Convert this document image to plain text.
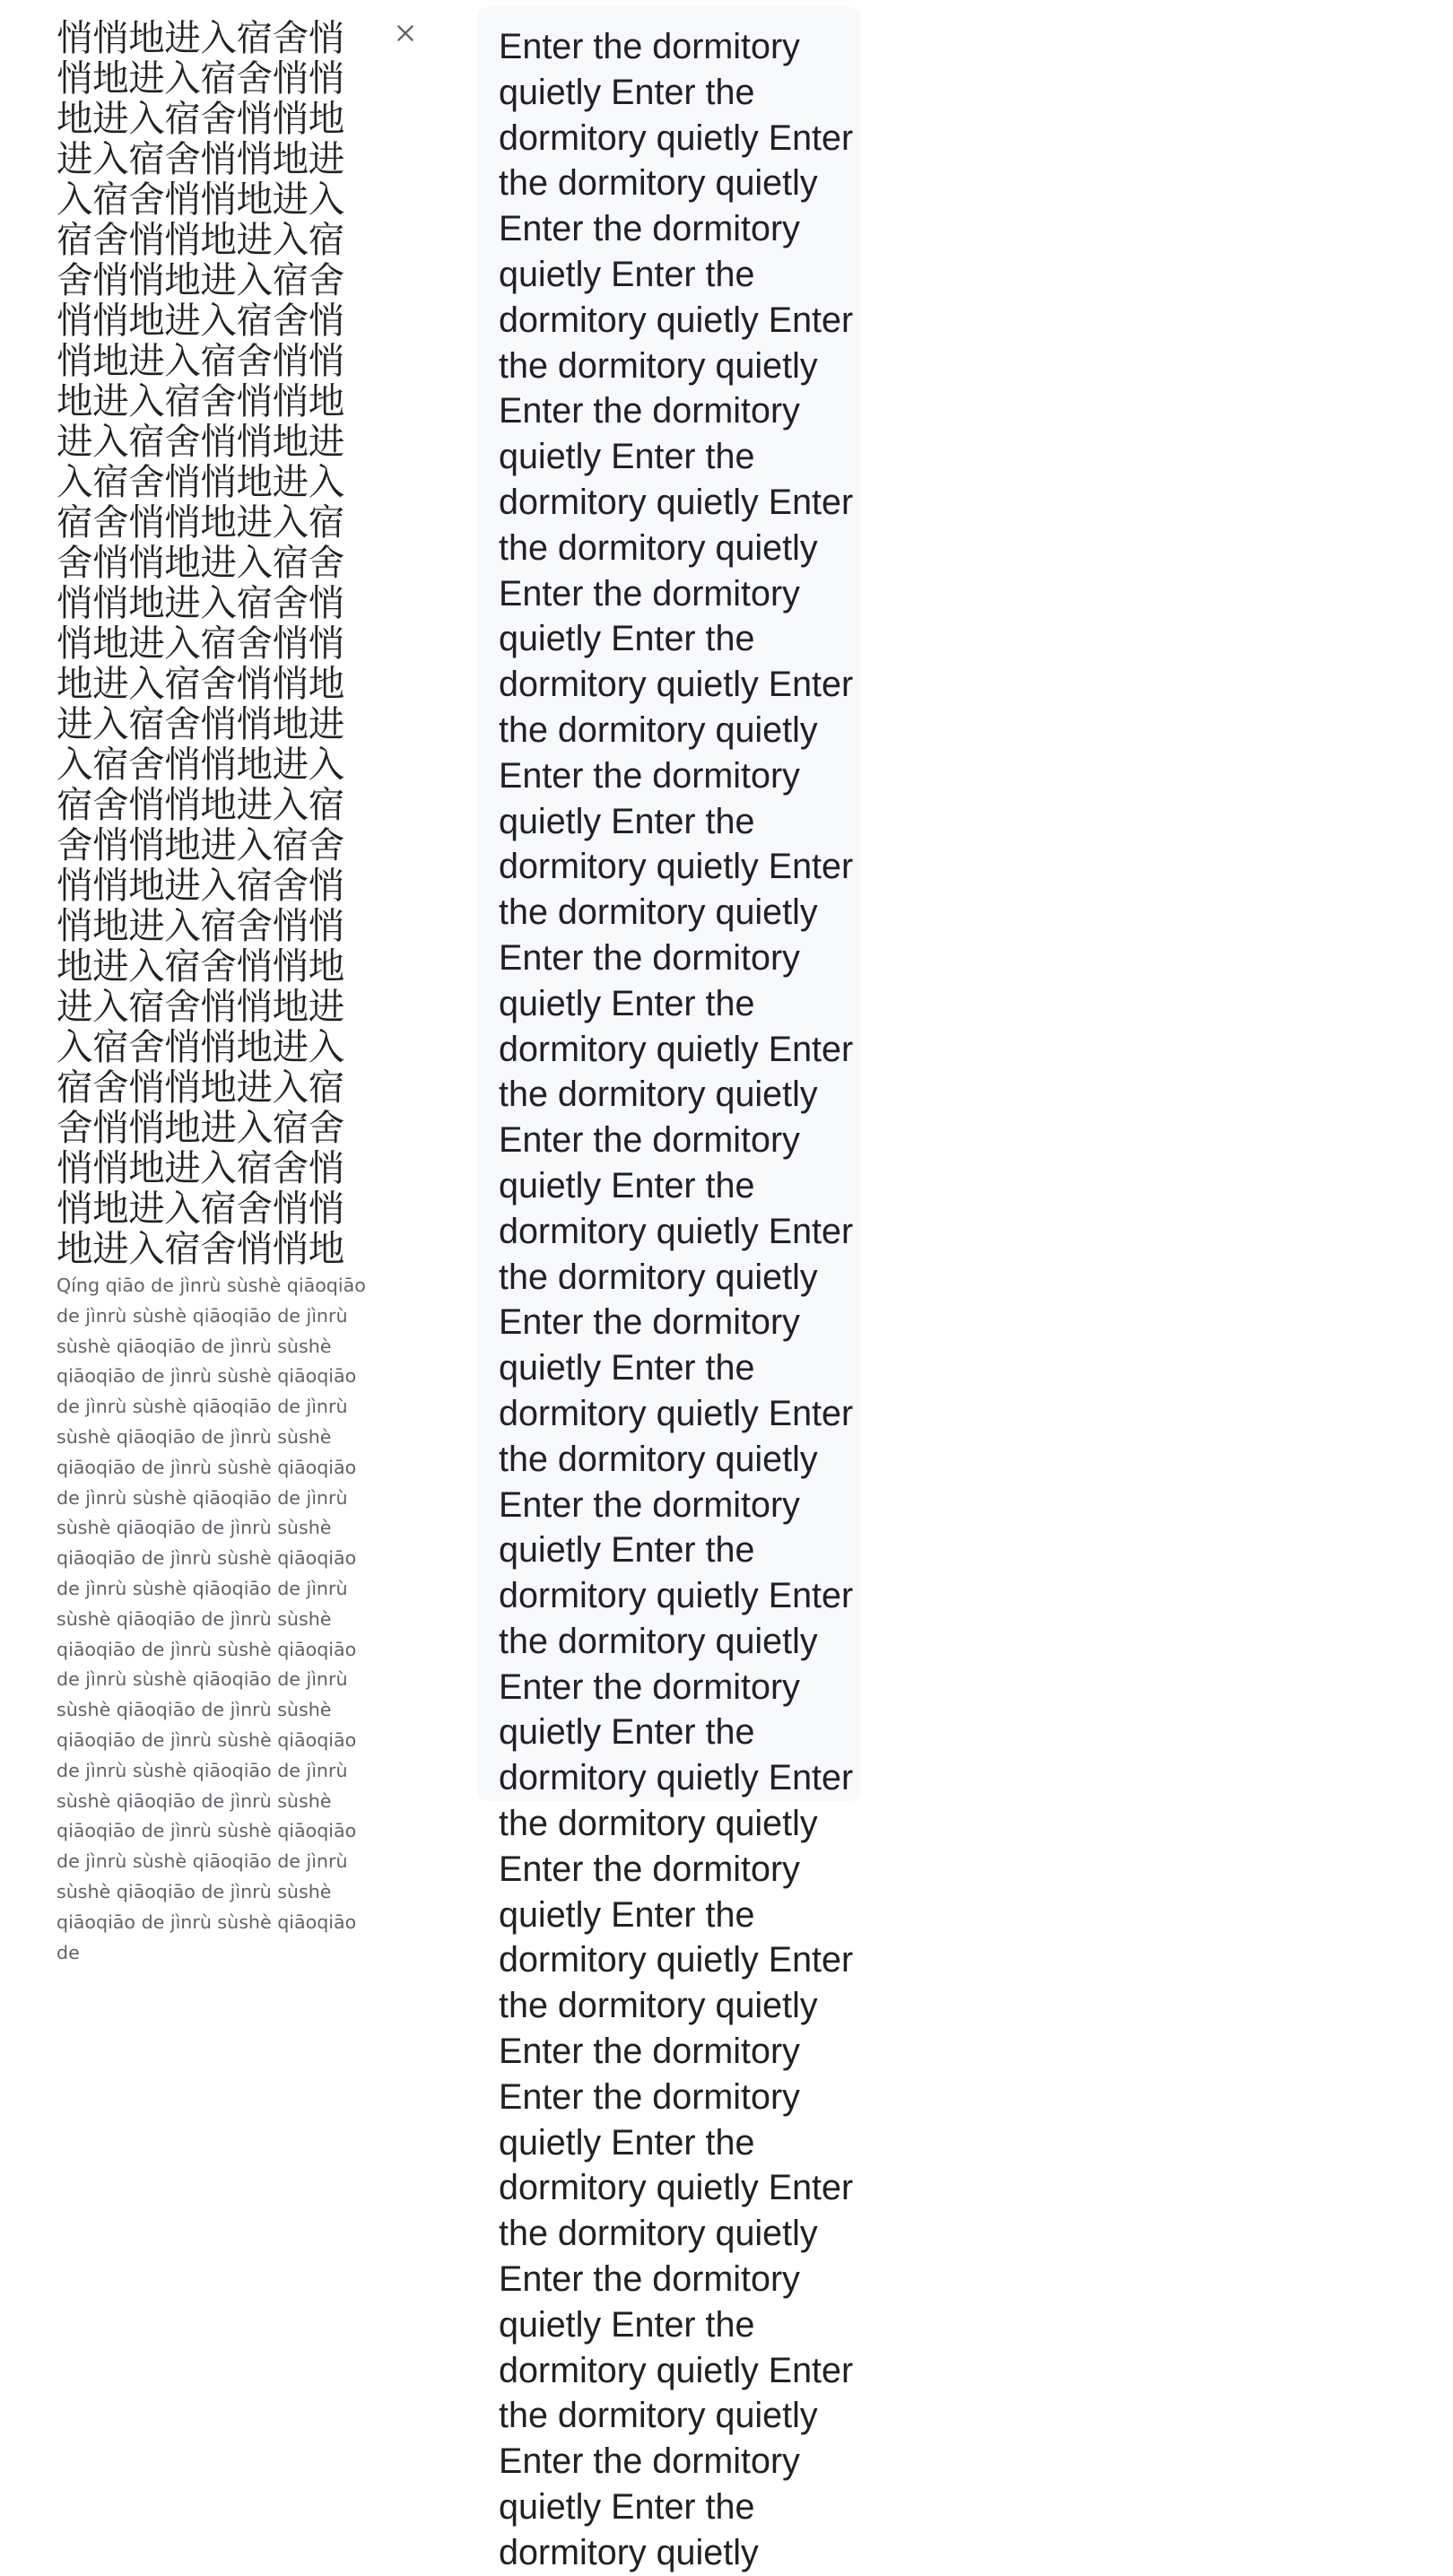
悄悄地进入宿舍悄悄地进入宿舍悄悄地进入宿舍悄悄地进入宿舍悄悄地进入宿舍悄悄地进入宿舍悄悄地进入宿舍悄悄地进入宿舍悄悄地进入宿舍悄悄地进入宿舍悄悄地进入宿舍悄悄地进入宿舍悄悄地进入宿舍悄悄地进入宿舍悄悄地进入宿舍悄悄地进入宿舍悄悄地进入宿舍悄悄地进入宿舍悄悄地进入宿舍悄悄地进入宿舍悄悄地进入宿舍悄悄地进入宿舍悄悄地进入宿舍悄悄地进入宿舍悄悄地进入宿舍悄悄地进入宿舍悄悄地进入宿舍悄悄地进入宿舍悄悄地进入宿舍悄悄地进入宿舍悄悄地进入宿舍悄悄地进入宿舍悄悄地进入宿舍悄悄地进入宿舍悄悄地进入宿舍悄悄地

Qíng qiāo de jìnrù sùshè qiāoqiāo de jìnrù sùshè qiāoqiāo de jìnrù sùshè qiāoqiāo de jìnrù sùshè qiāoqiāo de jìnrù sùshè qiāoqiāo de jìnrù sùshè qiāoqiāo de jìnrù sùshè qiāoqiāo de jìnrù sùshè qiāoqiāo de jìnrù sùshè qiāoqiāo de jìnrù sùshè qiāoqiāo de jìnrù sùshè qiāoqiāo de jìnrù sùshè qiāoqiāo de jìnrù sùshè qiāoqiāo de jìnrù sùshè qiāoqiāo de jìnrù sùshè qiāoqiāo de jìnrù sùshè qiāoqiāo de jìnrù sùshè qiāoqiāo de jìnrù sùshè qiāoqiāo de jìnrù sùshè qiāoqiāo de jìnrù sùshè qiāoqiāo de jìnrù sùshè qiāoqiāo de jìnrù sùshè qiāoqiāo de jìnrù sùshè qiāoqiāo de jìnrù sùshè qiāoqiāo de jìnrù sùshè qiāoqiāo de jìnrù sùshè qiāoqiāo de jìnrù sùshè qiāoqiāo de jìnrù sùshè qiāoqiāo de jìnrù sùshè qiāoqiāo de

Enter the dormitory quietly Enter the dormitory quietly Enter the dormitory quietly Enter the dormitory quietly Enter the dormitory quietly Enter the dormitory quietly Enter the dormitory quietly Enter the dormitory quietly Enter the dormitory quietly Enter the dormitory quietly Enter the dormitory quietly Enter the dormitory quietly Enter the dormitory quietly Enter the dormitory quietly Enter the dormitory quietly Enter the dormitory quietly Enter the dormitory quietly Enter the dormitory quietly Enter the dormitory quietly Enter the dormitory quietly Enter the dormitory quietly Enter the dormitory quietly Enter the dormitory quietly Enter the dormitory quietly Enter the dormitory quietly Enter the dormitory quietly Enter the dormitory quietly Enter the dormitory quietly Enter the dormitory quietly Enter the dormitory quietly Enter the dormitory quietly Enter the dormitory quietly Enter the dormitory quietly Enter the dormitory Enter the dormitory quietly Enter the dormitory quietly Enter the dormitory quietly Enter the dormitory quietly Enter the dormitory quietly Enter the dormitory quietly Enter the dormitory quietly Enter the dormitory quietly
